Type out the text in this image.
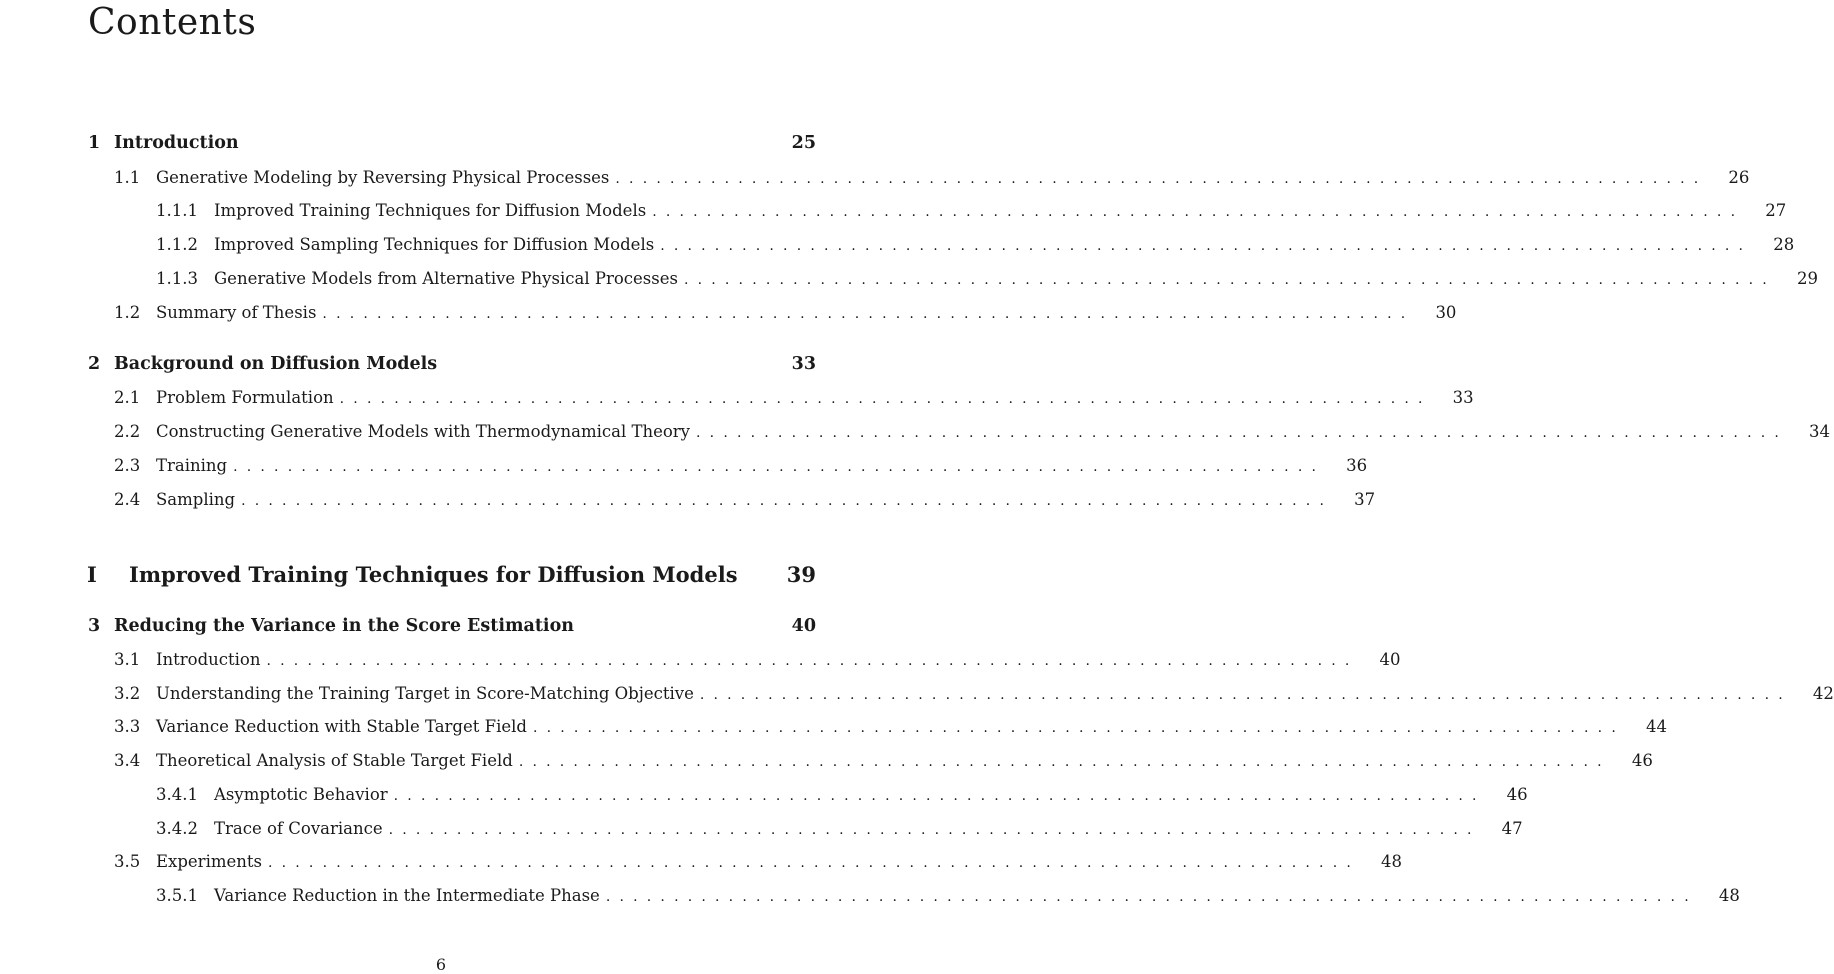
Contents
1 Introduction	25
1.1 Generative Modeling by Reversing Physical Processes ................................................................................	26
1.1.1 Improved Training Techniques for Diffusion Models ................................................................................	27
1.1.2 Improved Sampling Techniques for Diffusion Models ................................................................................	28
1.1.3 Generative Models from Alternative Physical Processes ................................................................................	29
1.2 Summary of Thesis ................................................................................	30
2 Background on Diffusion Models	33
2.1 Problem Formulation ................................................................................	33
2.2 Constructing Generative Models with Thermodynamical Theory ................................................................................	34
2.3 Training ................................................................................	36
2.4 Sampling ................................................................................	37
I	Improved Training Techniques for Diffusion Models 39
3 Reducing the Variance in the Score Estimation	40
3.1 Introduction ................................................................................	40
3.2 Understanding the Training Target in Score-Matching Objective ................................................................................	42
3.3 Variance Reduction with Stable Target Field ................................................................................	44
3.4 Theoretical Analysis of Stable Target Field ................................................................................	46
3.4.1 Asymptotic Behavior ................................................................................	46
3.4.2 Trace of Covariance ................................................................................	47
3.5 Experiments ................................................................................	48
3.5.1 Variance Reduction in the Intermediate Phase ................................................................................	48
6
